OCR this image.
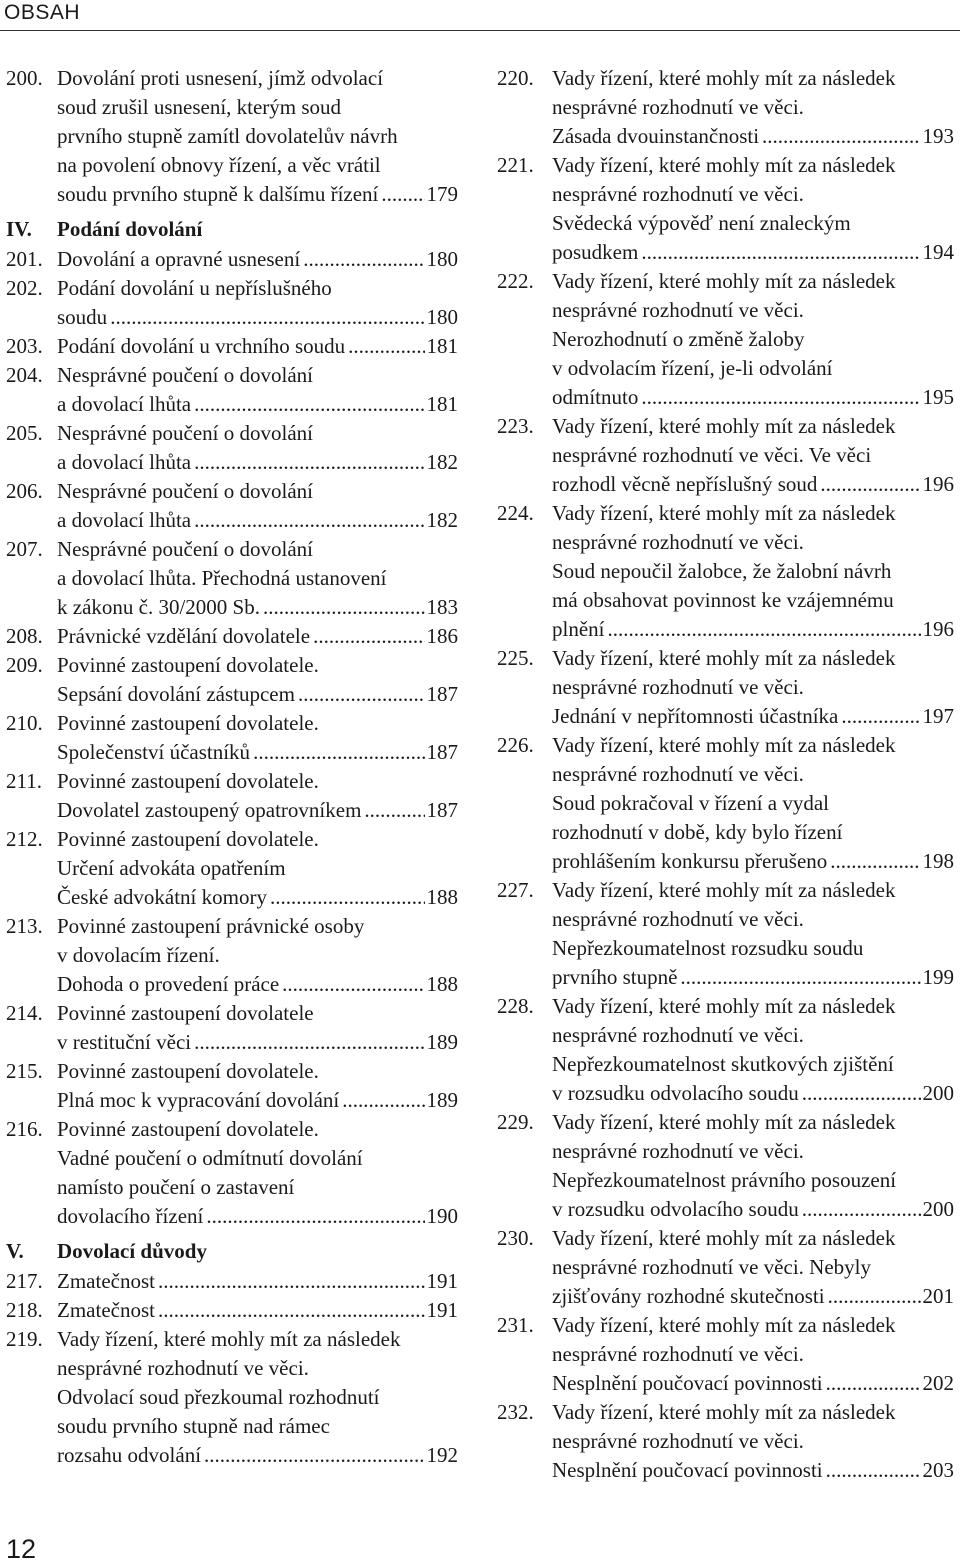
OBSAH
200. Dovolání proti usnesení, jímž odvolací
soud zrušil usnesení, kterým soud
prvního stupně zamítl dovolatelův návrh
na povolení obnovy řízení, a věc vrátil
soudu prvního stupně k dalšímu řízení ..... 179
IV. Podání dovolání
201. Dovolání a opravné usnesení .....	180
202. Podání dovolání u nepříslušného
soudu .....	180
203. Podání dovolání u vrchního soudu .....	181
204. Nesprávné poučení o dovolání
a dovolací lhůta .....	181
205. Nesprávné poučení o dovolání
a dovolací lhůta .....	182
206. Nesprávné poučení o dovolání
a dovolací lhůta .....	182
207. Nesprávné poučení o dovolání
a dovolací lhůta. Přechodná ustanovení
k zákonu č. 30/2000 Sb. .....	183
208. Právnické vzdělání dovolatele .....	186
209. Povinné zastoupení dovolatele.
Sepsání dovolání zástupcem .....	187
210. Povinné zastoupení dovolatele.
Společenství účastníků .....	187
211. Povinné zastoupení dovolatele.
Dovolatel zastoupený opatrovníkem .....	187
212. Povinné zastoupení dovolatele.
Určení advokáta opatřením
České advokátní komory .....	188
213. Povinné zastoupení právnické osoby
v dovolacím řízení.
Dohoda o provedení práce .....	188
214. Povinné zastoupení dovolatele
v restituční věci .....	189
215. Povinné zastoupení dovolatele.
Plná moc k vypracování dovolání .....	189
216. Povinné zastoupení dovolatele.
Vadné poučení o odmítnutí dovolání
namísto poučení o zastavení
dovolacího řízení .....	190
V. Dovolací důvody
217. Zmatečnost .....	191
218. Zmatečnost .....	191
219. Vady řízení, které mohly mít za následek
nesprávné rozhodnutí ve věci.
Odvolací soud přezkoumal rozhodnutí
soudu prvního stupně nad rámec
rozsahu odvolání .....	192
220. Vady řízení, které mohly mít za následek
nesprávné rozhodnutí ve věci.
Zásada dvouinstančnosti .....	193
221. Vady řízení, které mohly mít za následek
nesprávné rozhodnutí ve věci.
Svědecká výpověď není znaleckým
posudkem .....	194
222. Vady řízení, které mohly mít za následek
nesprávné rozhodnutí ve věci.
Nerozhodnutí o změně žaloby
v odvolacím řízení, je-li odvolání
odmítnuto .....	195
223. Vady řízení, které mohly mít za následek
nesprávné rozhodnutí ve věci. Ve věci
rozhodl věcně nepříslušný soud .....	196
224. Vady řízení, které mohly mít za následek
nesprávné rozhodnutí ve věci.
Soud nepoučil žalobce, že žalobní návrh
má obsahovat povinnost ke vzájemnému
plnění .....	196
225. Vady řízení, které mohly mít za následek
nesprávné rozhodnutí ve věci.
Jednání v nepřítomnosti účastníka .....	197
226. Vady řízení, které mohly mít za následek
nesprávné rozhodnutí ve věci.
Soud pokračoval v řízení a vydal
rozhodnutí v době, kdy bylo řízení
prohlášením konkursu přerušeno .....	198
227. Vady řízení, které mohly mít za následek
nesprávné rozhodnutí ve věci.
Nepřezkoumatelnost rozsudku soudu
prvního stupně .....	199
228. Vady řízení, které mohly mít za následek
nesprávné rozhodnutí ve věci.
Nepřezkoumatelnost skutkových zjištění
v rozsudku odvolacího soudu .....	200
229. Vady řízení, které mohly mít za následek
nesprávné rozhodnutí ve věci.
Nepřezkoumatelnost právního posouzení
v rozsudku odvolacího soudu .....	200
230. Vady řízení, které mohly mít za následek
nesprávné rozhodnutí ve věci. Nebyly
zjišťovány rozhodné skutečnosti .....	201
231. Vady řízení, které mohly mít za následek
nesprávné rozhodnutí ve věci.
Nesplnění poučovací povinnosti .....	202
232. Vady řízení, které mohly mít za následek
nesprávné rozhodnutí ve věci.
Nesplnění poučovací povinnosti .....	203
12
